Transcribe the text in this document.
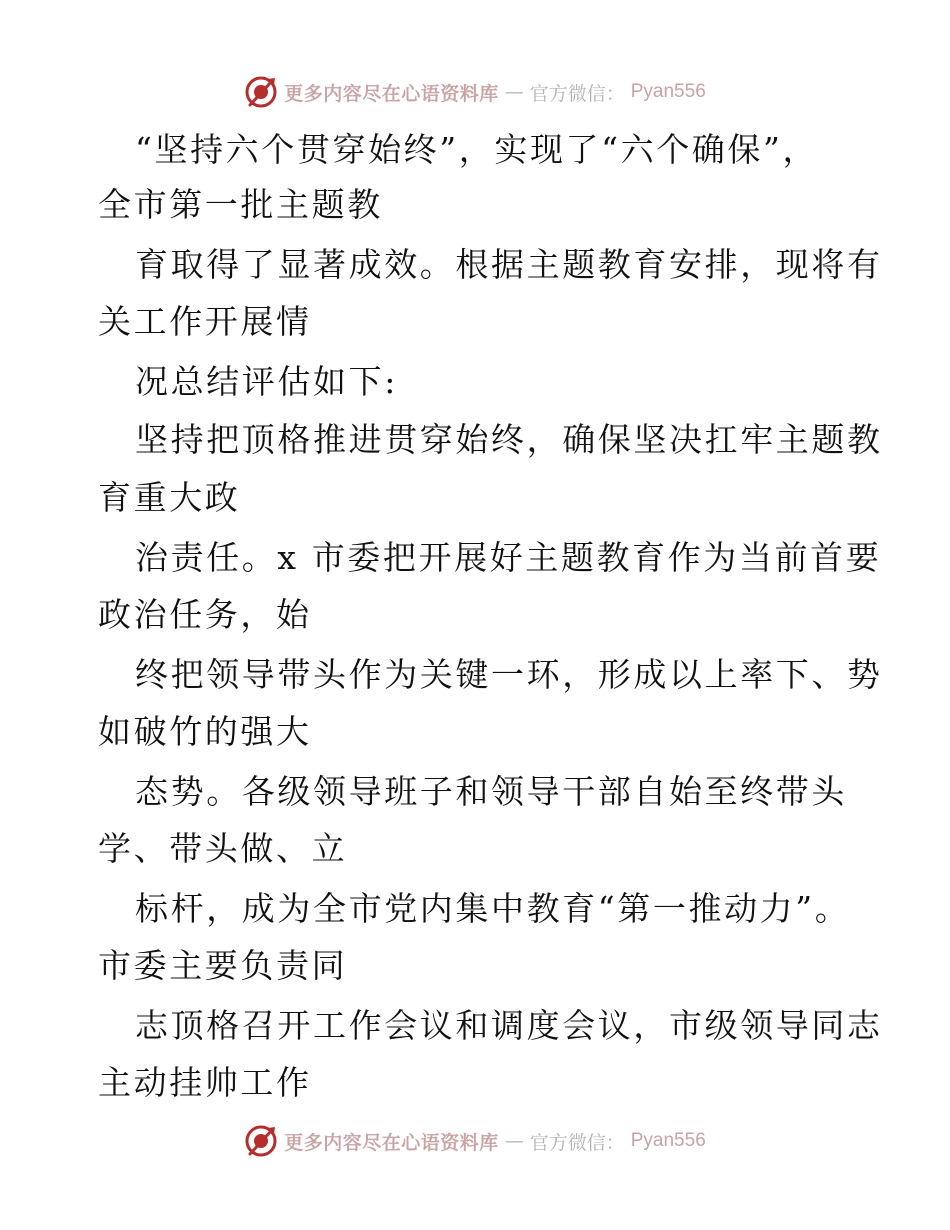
更多内容尽在心语资料库 — 官方微信： Pyan556
“坚持六个贯穿始终”，实现了“六个确保”，
全市第一批主题教
育取得了显著成效。根据主题教育安排，现将有
关工作开展情
况总结评估如下:
坚持把顶格推进贯穿始终，确保坚决扛牢主题教
育重大政
治责任。x 市委把开展好主题教育作为当前首要
政治任务，始
终把领导带头作为关键一环，形成以上率下、势
如破竹的强大
态势。各级领导班子和领导干部自始至终带头
学、带头做、立
标杆，成为全市党内集中教育“第一推动力”。
市委主要负责同
志顶格召开工作会议和调度会议，市级领导同志
主动挂帅工作
更多内容尽在心语资料库 — 官方微信： Pyan556
